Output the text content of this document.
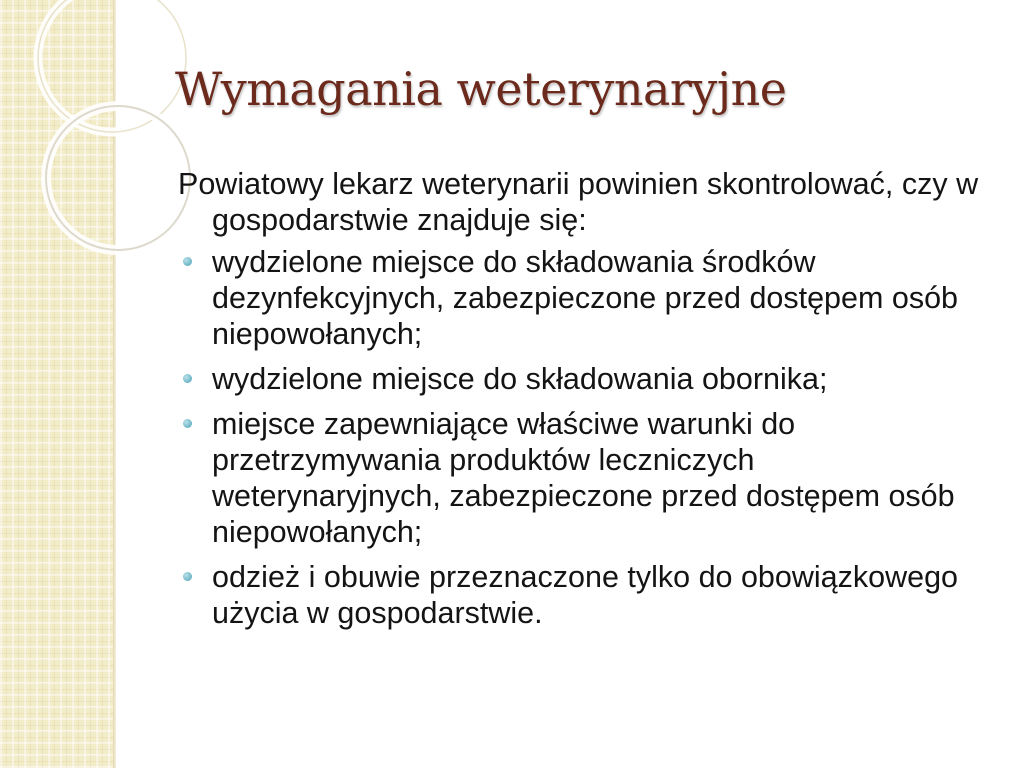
Wymagania weterynaryjne

Powiatowy lekarz weterynarii powinien skontrolować, czy w gospodarstwie znajduje się:

wydzielone miejsce do składowania środków dezynfekcyjnych, zabezpieczone przed dostępem osób niepowołanych;
wydzielone miejsce do składowania obornika;
miejsce zapewniające właściwe warunki do przetrzymywania produktów leczniczych weterynaryjnych, zabezpieczone przed dostępem osób niepowołanych;
odzież i obuwie przeznaczone tylko do obowiązkowego użycia w gospodarstwie.
